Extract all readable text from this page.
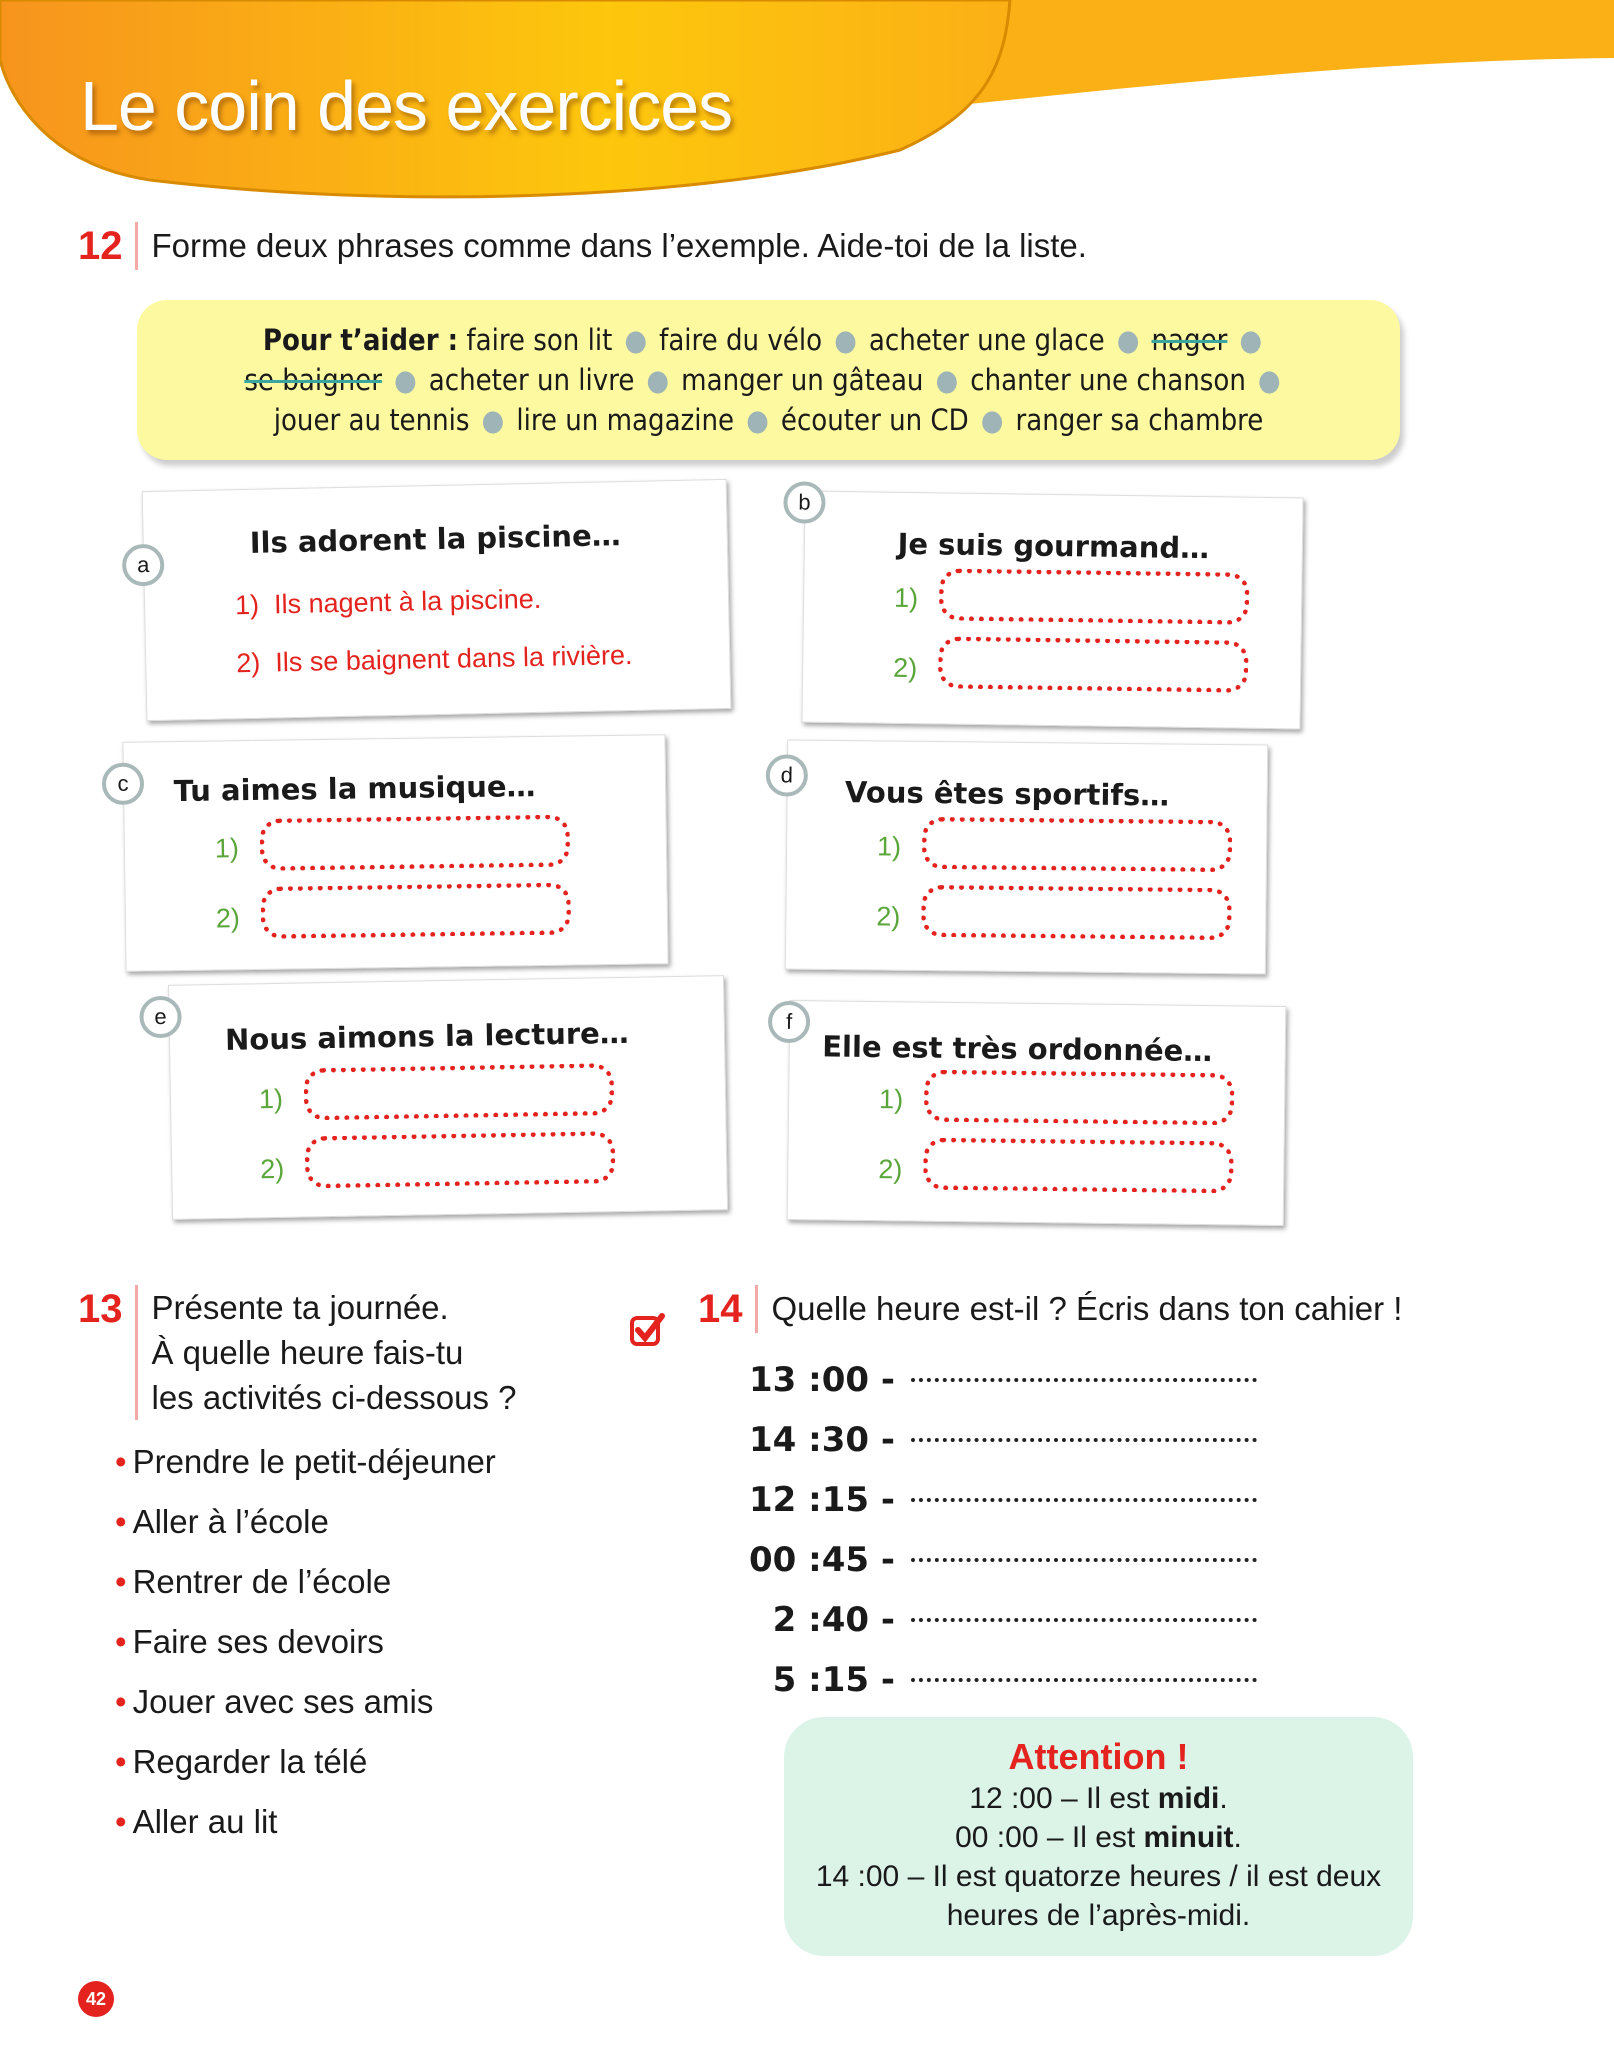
Le coin des exercices
12 Forme deux phrases comme dans l’exemple. Aide-toi de la liste.
Pour t’aider : faire son lit ● faire du vélo ● acheter une glace ● nager ●
se baigner ● acheter un livre ● manger un gâteau ● chanter une chanson ●
jouer au tennis ● lire un magazine ● écouter un CD ● ranger sa chambre
a
Ils adorent la piscine…
1) Ils nagent à la piscine.
2) Ils se baignent dans la rivière.
b
Je suis gourmand…
1)
2)
c	Tu aimes la musique…
1)
2)
d
Vous êtes sportifs…
1)
2)
e	Nous aimons la lecture…
1)
2)
f
Elle est très ordonnée…
1)
2)
13 Présente ta journée.
À quelle heure fais-tu
les activités ci-dessous ?
• Prendre le petit-déjeuner
• Aller à l’école
• Rentrer de l’école
• Faire ses devoirs
• Jouer avec ses amis
• Regarder la télé
• Aller au lit
14 Quelle heure est-il ? Écris dans ton cahier !
13 :00 -
14 :30 -
12 :15 -
00 :45 -
2 :40 -
5 :15 -
Attention !
12 :00 – Il est midi.
00 :00 – Il est minuit.
14 :00 – Il est quatorze heures / il est deux
heures de l’après-midi.
42
